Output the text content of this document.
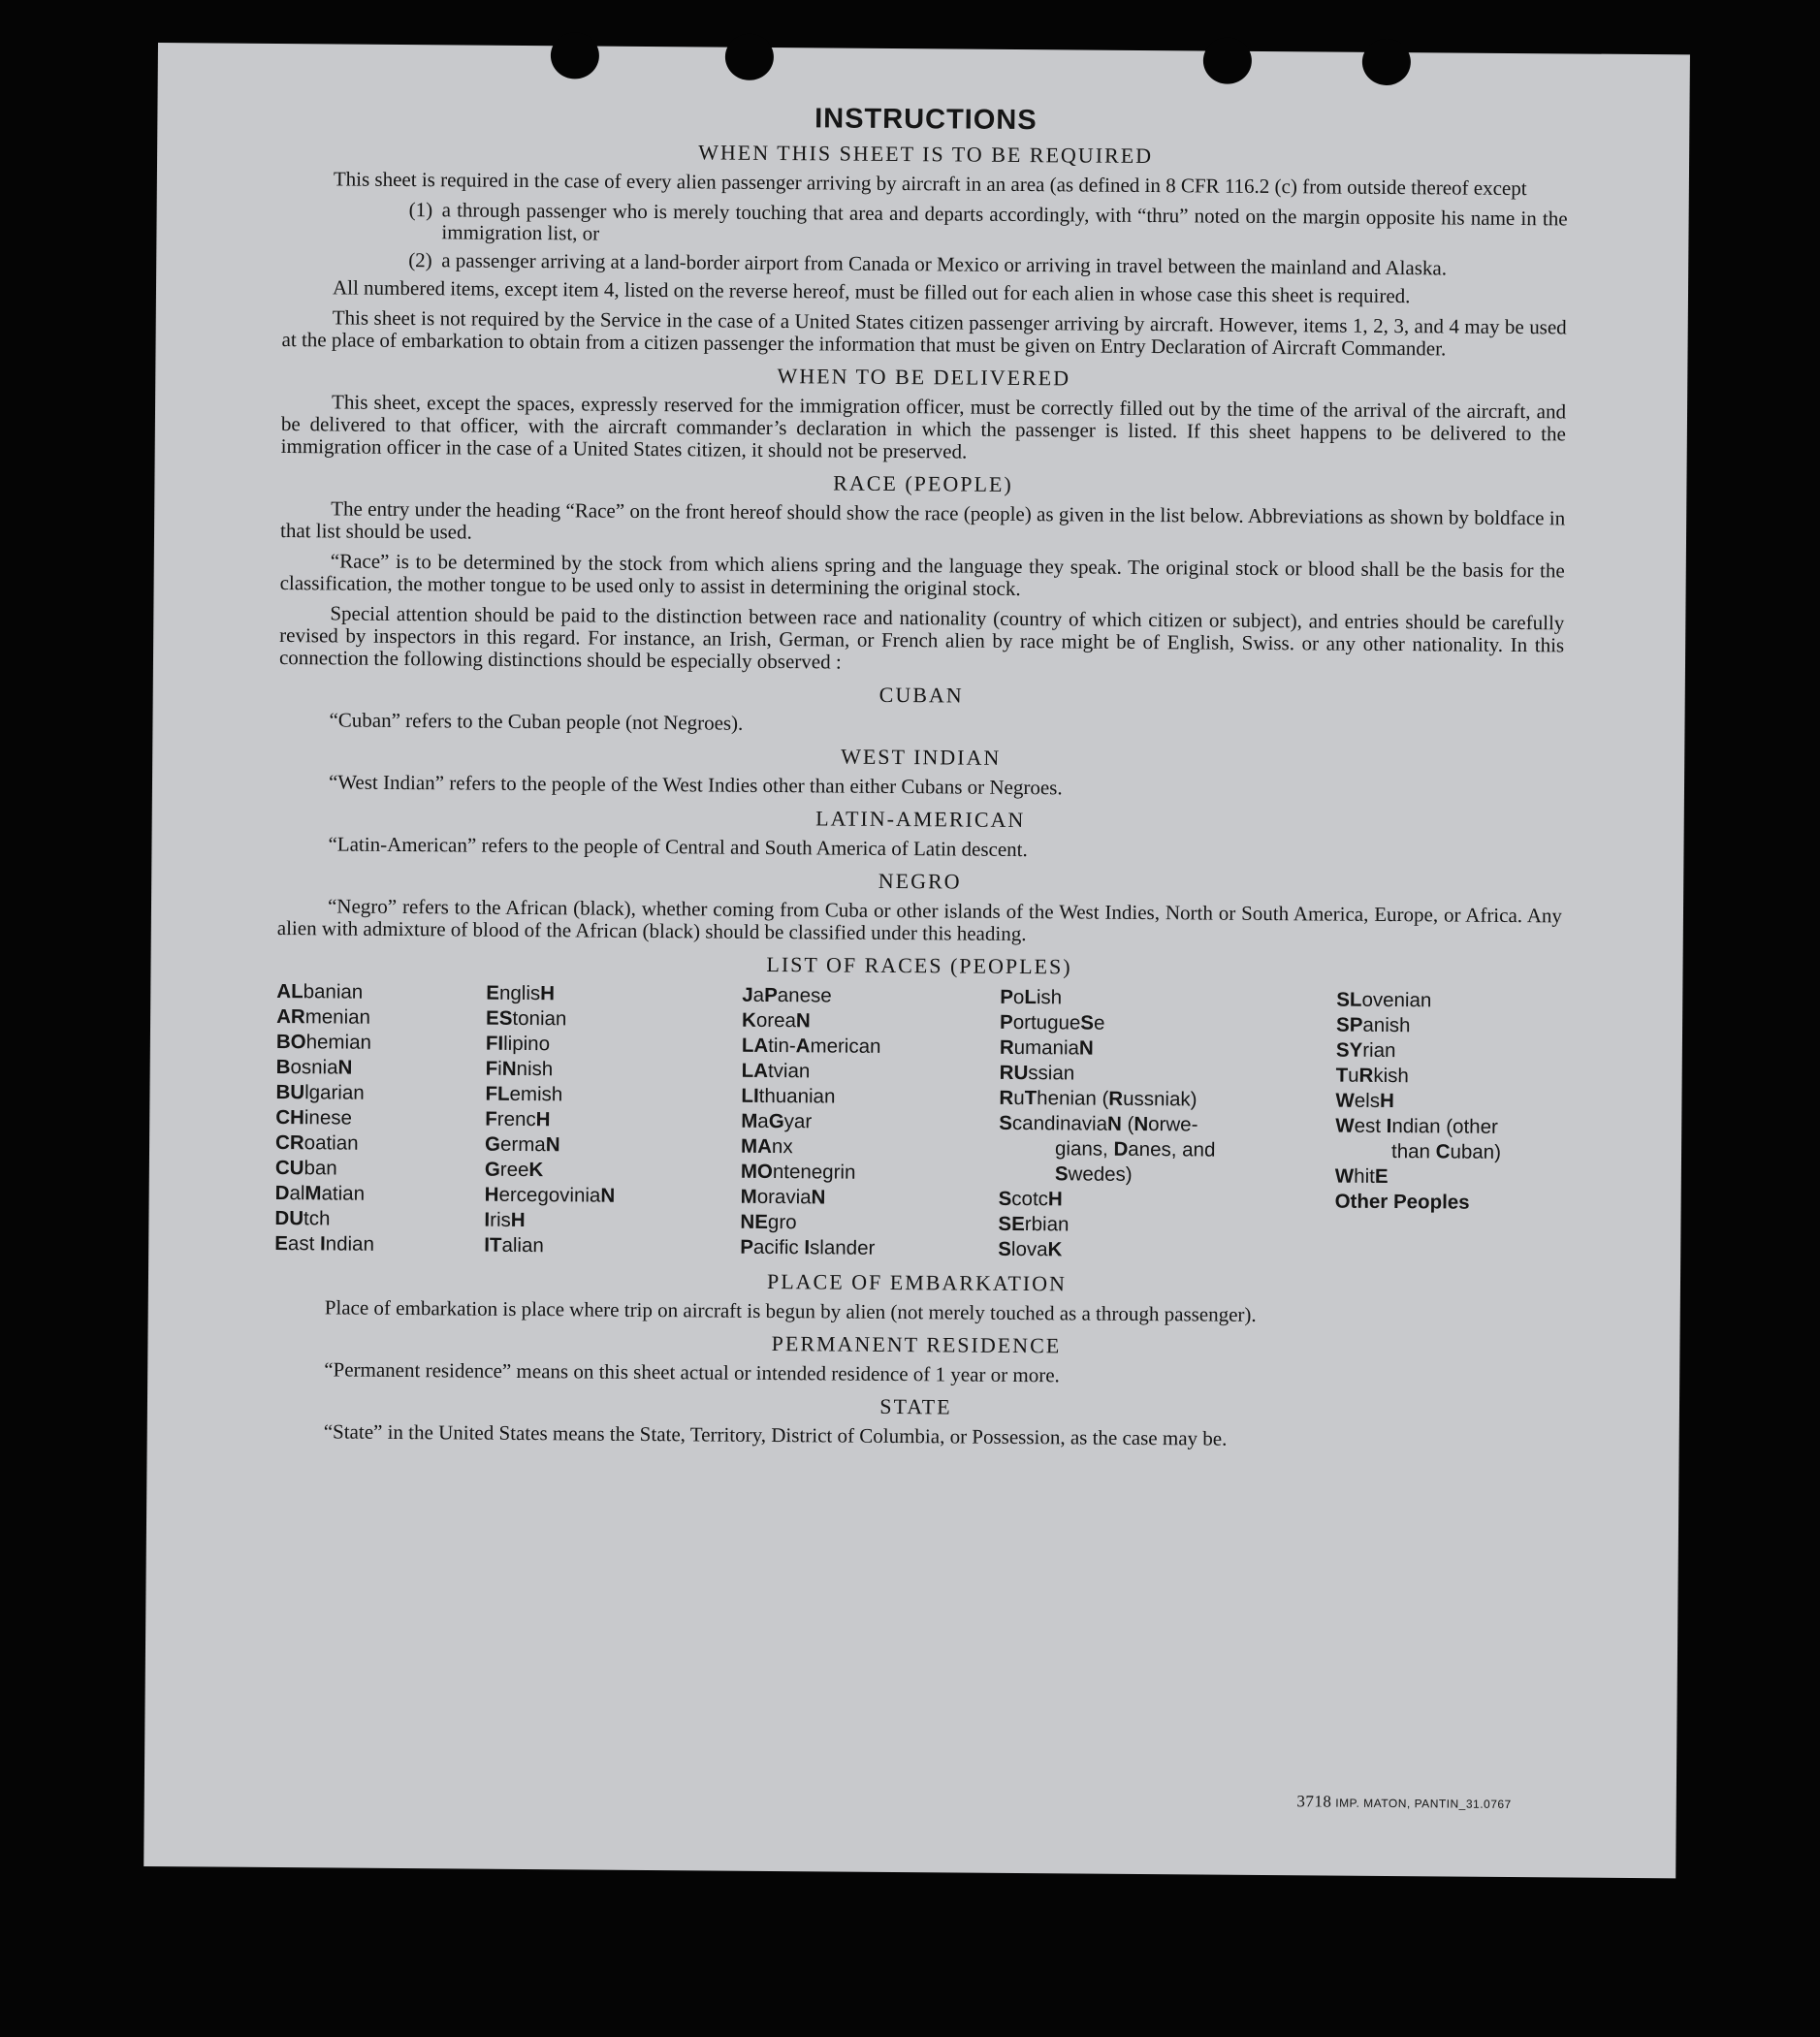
INSTRUCTIONS
WHEN THIS SHEET IS TO BE REQUIRED

This sheet is required in the case of every alien passenger arriving by aircraft in an area (as defined in 8 CFR 116.2 (c) from outside thereof except

(1) a through passenger who is merely touching that area and departs accordingly, with “thru” noted on the margin opposite his name in the immigration list, or
(2) a passenger arriving at a land-border airport from Canada or Mexico or arriving in travel between the mainland and Alaska.

All numbered items, except item 4, listed on the reverse hereof, must be filled out for each alien in whose case this sheet is required.

This sheet is not required by the Service in the case of a United States citizen passenger arriving by aircraft. However, items 1, 2, 3, and 4 may be used at the place of embarkation to obtain from a citizen passenger the information that must be given on Entry Declaration of Aircraft Commander.

WHEN TO BE DELIVERED

This sheet, except the spaces, expressly reserved for the immigration officer, must be correctly filled out by the time of the arrival of the aircraft, and be delivered to that officer, with the aircraft commander’s declaration in which the passenger is listed. If this sheet happens to be delivered to the immigration officer in the case of a United States citizen, it should not be preserved.

RACE (PEOPLE)

The entry under the heading “Race” on the front hereof should show the race (people) as given in the list below. Abbreviations as shown by boldface in that list should be used.

“Race” is to be determined by the stock from which aliens spring and the language they speak. The original stock or blood shall be the basis for the classification, the mother tongue to be used only to assist in determining the original stock.

Special attention should be paid to the distinction between race and nationality (country of which citizen or subject), and entries should be carefully revised by inspectors in this regard. For instance, an Irish, German, or French alien by race might be of English, Swiss. or any other nationality. In this connection the following distinctions should be especially observed :

CUBAN

“Cuban” refers to the Cuban people (not Negroes).

WEST INDIAN

“West Indian” refers to the people of the West Indies other than either Cubans or Negroes.

LATIN-AMERICAN

“Latin-American” refers to the people of Central and South America of Latin descent.

NEGRO

“Negro” refers to the African (black), whether coming from Cuba or other islands of the West Indies, North or South America, Europe, or Africa. Any alien with admixture of blood of the African (black) should be classified under this heading.

LIST OF RACES (PEOPLES)
ALbanian
ARmenian
BOhemian
BosniaN
BUlgarian
CHinese
CRoatian
CUban
DalMatian
DUtch
East Indian
EnglisH
EStonian
FIlipino
FiNnish
FLemish
FrencH
GermaN
GreeK
HercegoviniaN
IrisH
ITalian
JaPanese
KoreaN
LAtin-American
LAtvian
LIthuanian
MaGyar
MAnx
MOntenegrin
MoraviaN
NEgro
Pacific Islander
PoLish
PortugueSe
RumaniaN
RUssian
RuThenian (Russniak)
ScandinaviaN (Norwe-
gians, Danes, and
Swedes)
ScotcH
SErbian
SlovaK
SLovenian
SPanish
SYrian
TuRkish
WelsH
West Indian (other
than Cuban)
WhitE
Other Peoples
PLACE OF EMBARKATION

Place of embarkation is place where trip on aircraft is begun by alien (not merely touched as a through passenger).

PERMANENT RESIDENCE

“Permanent residence” means on this sheet actual or intended residence of 1 year or more.

STATE

“State” in the United States means the State, Territory, District of Columbia, or Possession, as the case may be.

3718 IMP. MATON, PANTIN_31.0767
